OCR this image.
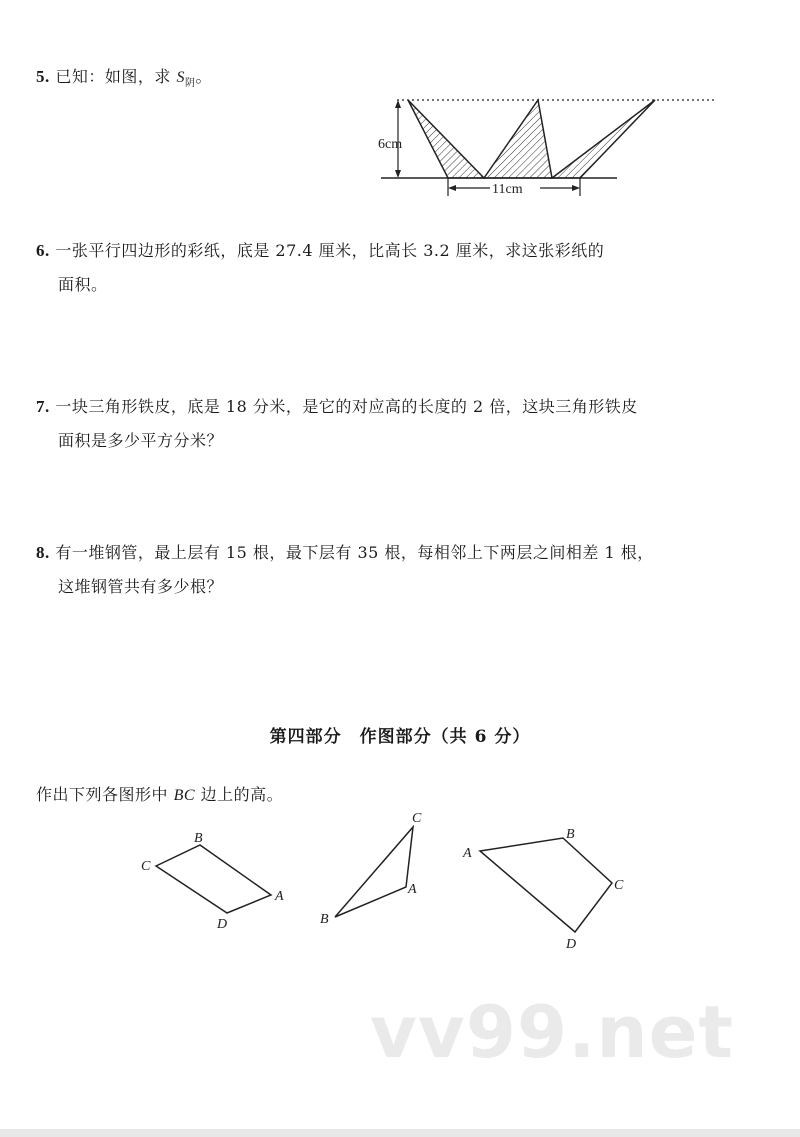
5. 已知：如图，求 $S_阴$。
6cm
11cm
C
B
A
D
C
A
B
A
B
C
D
6. 一张平行四边形的彩纸，底是 27.4 厘米，比高长 3.2 厘米，求这张彩纸的
面积。
7. 一块三角形铁皮，底是 18 分米，是它的对应高的长度的 2 倍，这块三角形铁皮
面积是多少平方分米？
8. 有一堆钢管，最上层有 15 根，最下层有 35 根，每相邻上下两层之间相差 1 根，
这堆钢管共有多少根？
第四部分　作图部分（共 6 分）
作出下列各图形中 BC 边上的高。
vv99.net
